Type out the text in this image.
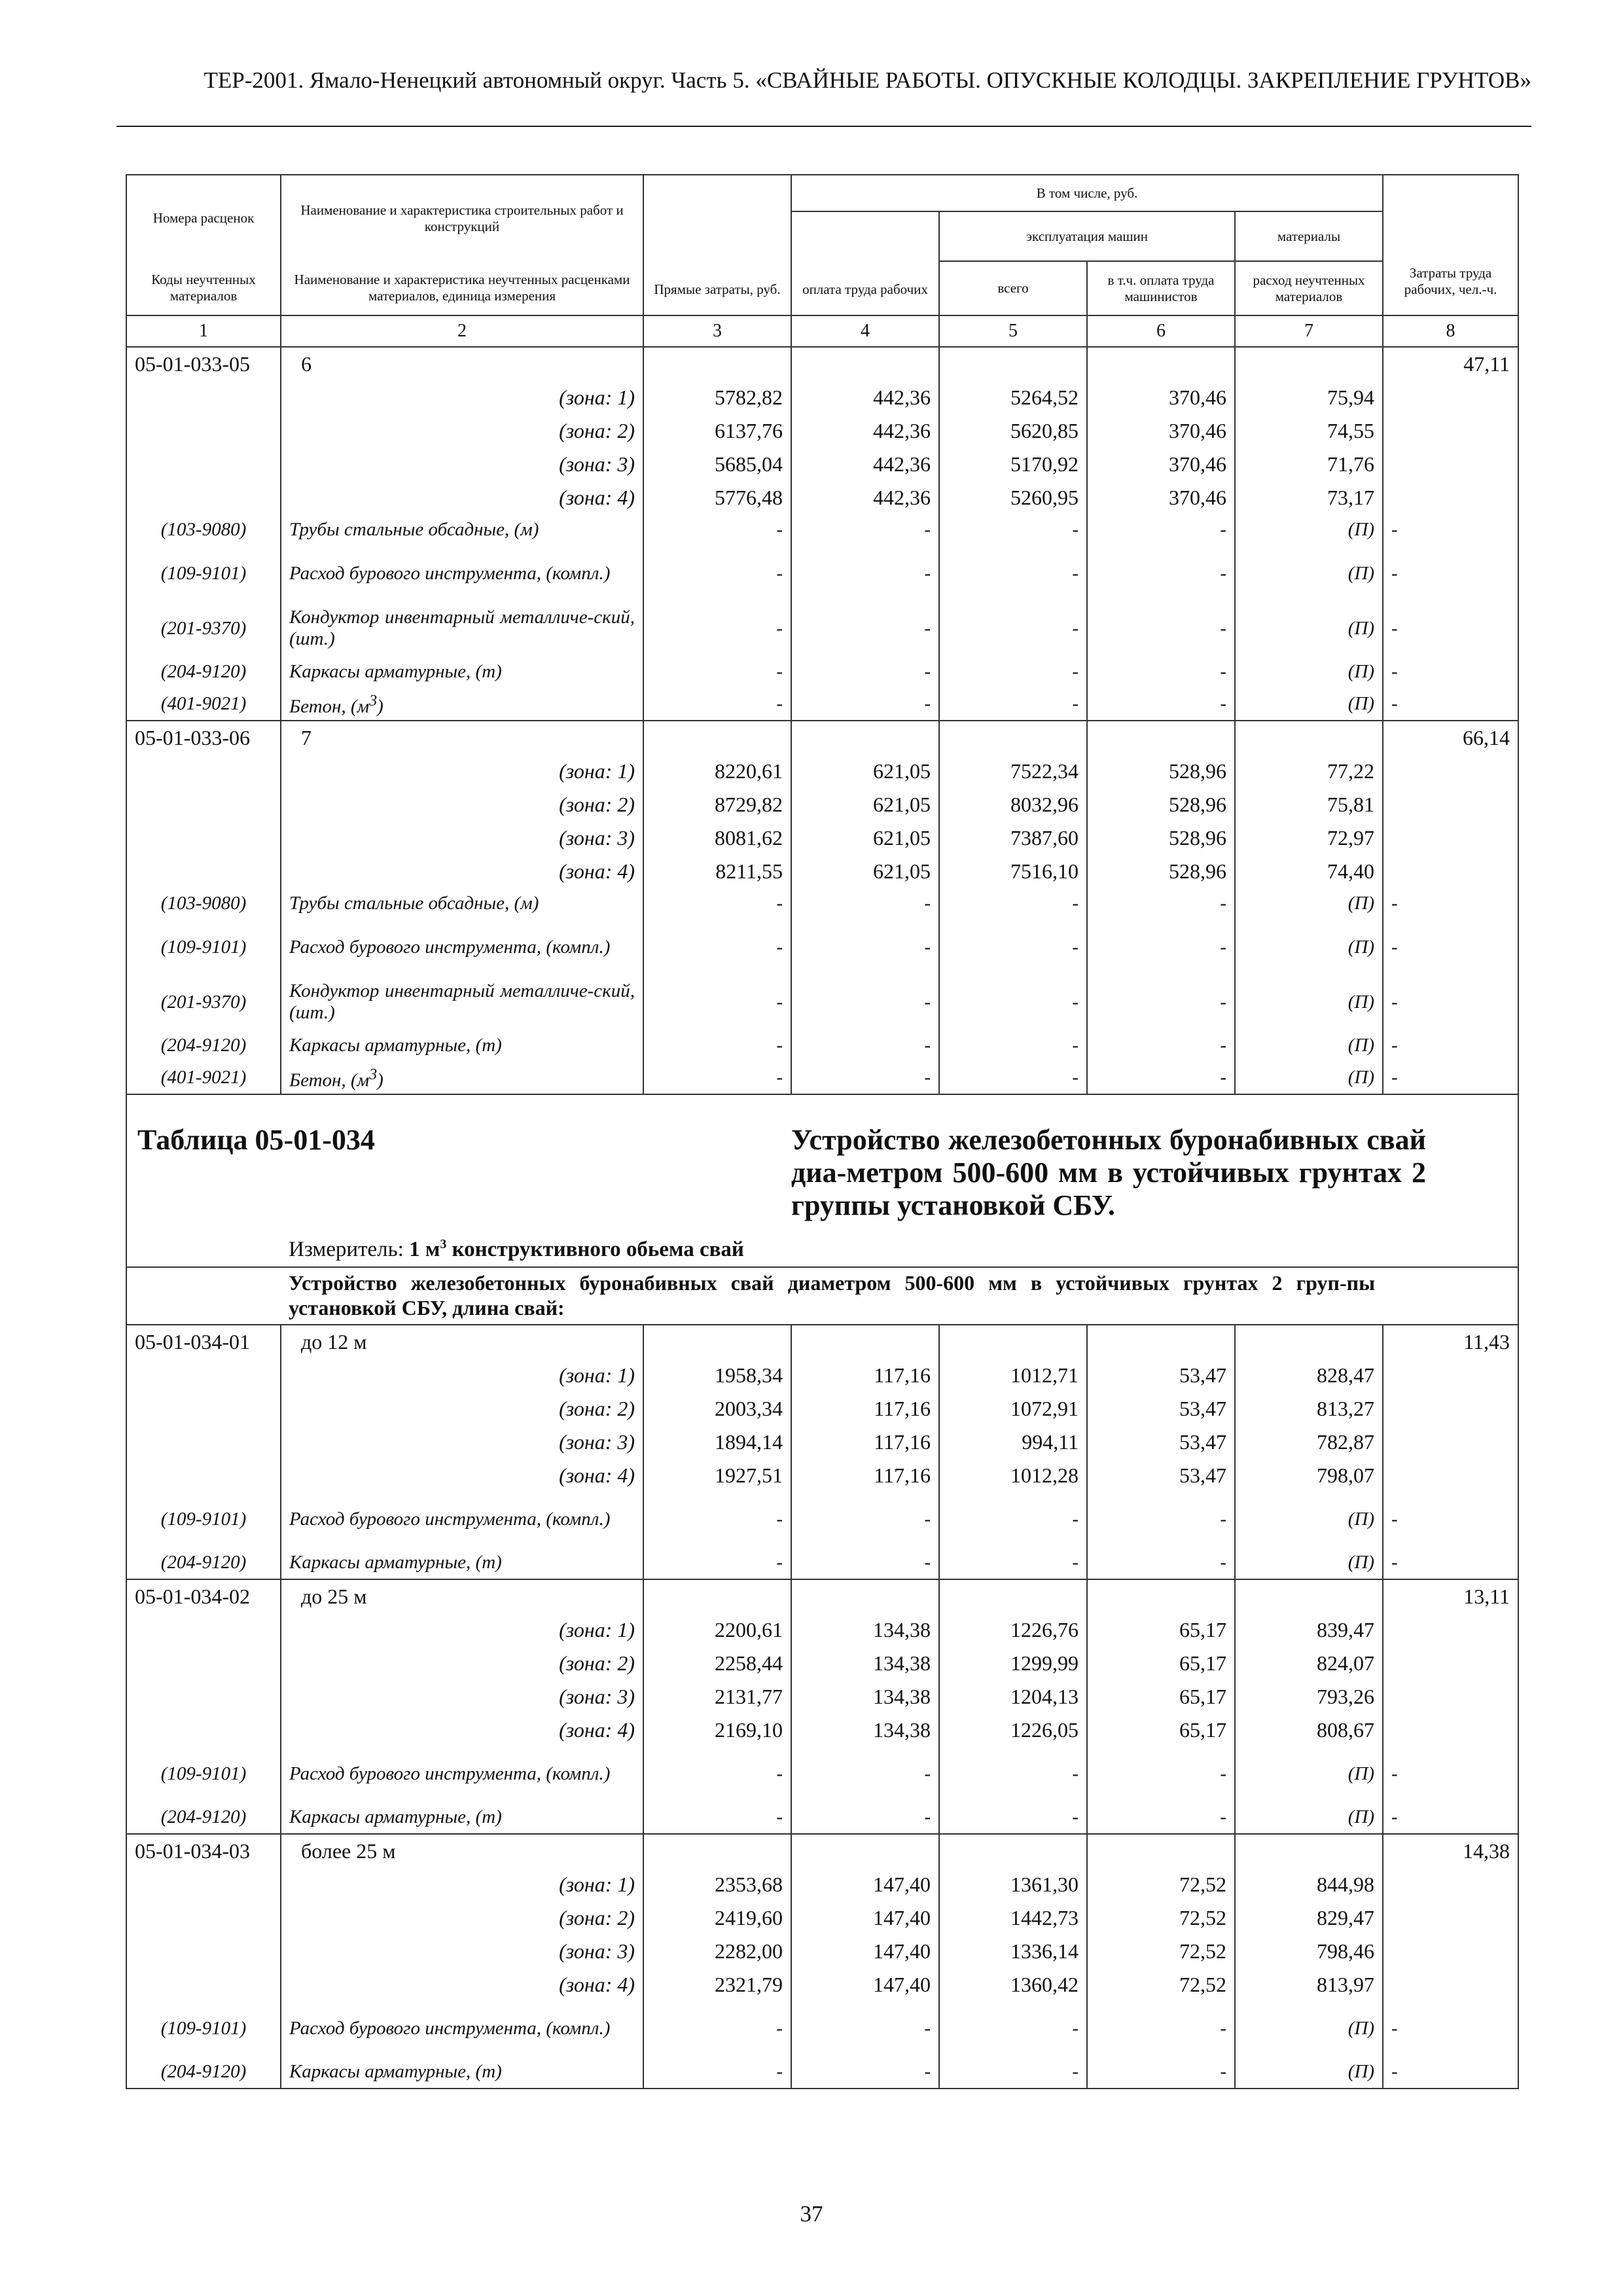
ТЕР-2001. Ямало-Ненецкий автономный округ. Часть 5. «СВАЙНЫЕ РАБОТЫ. ОПУСКНЫЕ КОЛОДЦЫ. ЗАКРЕПЛЕНИЕ ГРУНТОВ»
Номера расценок	Наименование и характеристика строительных работ и конструкций	Прямые затраты, руб.	В том числе, руб.				Затраты труда рабочих, чел.-ч.
			оплата труда рабочих	эксплуатация машин		материалы	
Коды неучтенных материалов	Наименование и характеристика неучтенных расценками материалов, единица измерения			всего	в т.ч. оплата труда машинистов	расход неучтенных материалов	
1	2	3	4	5	6	7	8
05-01-033-05	6						47,11
	(зона: 1)	5782,82	442,36	5264,52	370,46	75,94	
	(зона: 2)	6137,76	442,36	5620,85	370,46	74,55	
	(зона: 3)	5685,04	442,36	5170,92	370,46	71,76	
	(зона: 4)	5776,48	442,36	5260,95	370,46	73,17	
(103-9080)	Трубы стальные обсадные, (м)	-	-	-	-	(П)	-
(109-9101)	Расход бурового инструмента, (компл.)	-	-	-	-	(П)	-
(201-9370)	Кондуктор инвентарный металличе-ский, (шт.)	-	-	-	-	(П)	-
(204-9120)	Каркасы арматурные, (т)	-	-	-	-	(П)	-
(401-9021)	Бетон, $(м^3)$	-	-	-	-	(П)	-
05-01-033-06	7						66,14
	(зона: 1)	8220,61	621,05	7522,34	528,96	77,22	
	(зона: 2)	8729,82	621,05	8032,96	528,96	75,81	
	(зона: 3)	8081,62	621,05	7387,60	528,96	72,97	
	(зона: 4)	8211,55	621,05	7516,10	528,96	74,40	
(103-9080)	Трубы стальные обсадные, (м)	-	-	-	-	(П)	-
(109-9101)	Расход бурового инструмента, (компл.)	-	-	-	-	(П)	-
(201-9370)	Кондуктор инвентарный металличе-ский, (шт.)	-	-	-	-	(П)	-
(204-9120)	Каркасы арматурные, (т)	-	-	-	-	(П)	-
(401-9021)	Бетон, $(м^3)$	-	-	-	-	(П)	-

Таблица 05-01-034			Устройство железобетонных буронабивных свай диа-метром 500-600 мм в устойчивых грунтах 2 группы установкой СБУ.				

	Измеритель: 1 $м^3$ конструктивного обьема свай						
	Устройство железобетонных буронабивных свай диаметром 500-600 мм в устойчивых грунтах 2 груп-пы установкой СБУ, длина свай:						
05-01-034-01	до 12 м						11,43
	(зона: 1)	1958,34	117,16	1012,71	53,47	828,47	
	(зона: 2)	2003,34	117,16	1072,91	53,47	813,27	
	(зона: 3)	1894,14	117,16	994,11	53,47	782,87	
	(зона: 4)	1927,51	117,16	1012,28	53,47	798,07	
(109-9101)	Расход бурового инструмента, (компл.)	-	-	-	-	(П)	-
(204-9120)	Каркасы арматурные, (т)	-	-	-	-	(П)	-
05-01-034-02	до 25 м						13,11
	(зона: 1)	2200,61	134,38	1226,76	65,17	839,47	
	(зона: 2)	2258,44	134,38	1299,99	65,17	824,07	
	(зона: 3)	2131,77	134,38	1204,13	65,17	793,26	
	(зона: 4)	2169,10	134,38	1226,05	65,17	808,67	
(109-9101)	Расход бурового инструмента, (компл.)	-	-	-	-	(П)	-
(204-9120)	Каркасы арматурные, (т)	-	-	-	-	(П)	-
05-01-034-03	более 25 м						14,38
	(зона: 1)	2353,68	147,40	1361,30	72,52	844,98	
	(зона: 2)	2419,60	147,40	1442,73	72,52	829,47	
	(зона: 3)	2282,00	147,40	1336,14	72,52	798,46	
	(зона: 4)	2321,79	147,40	1360,42	72,52	813,97	
(109-9101)	Расход бурового инструмента, (компл.)	-	-	-	-	(П)	-
(204-9120)	Каркасы арматурные, (т)	-	-	-	-	(П)	-
37
